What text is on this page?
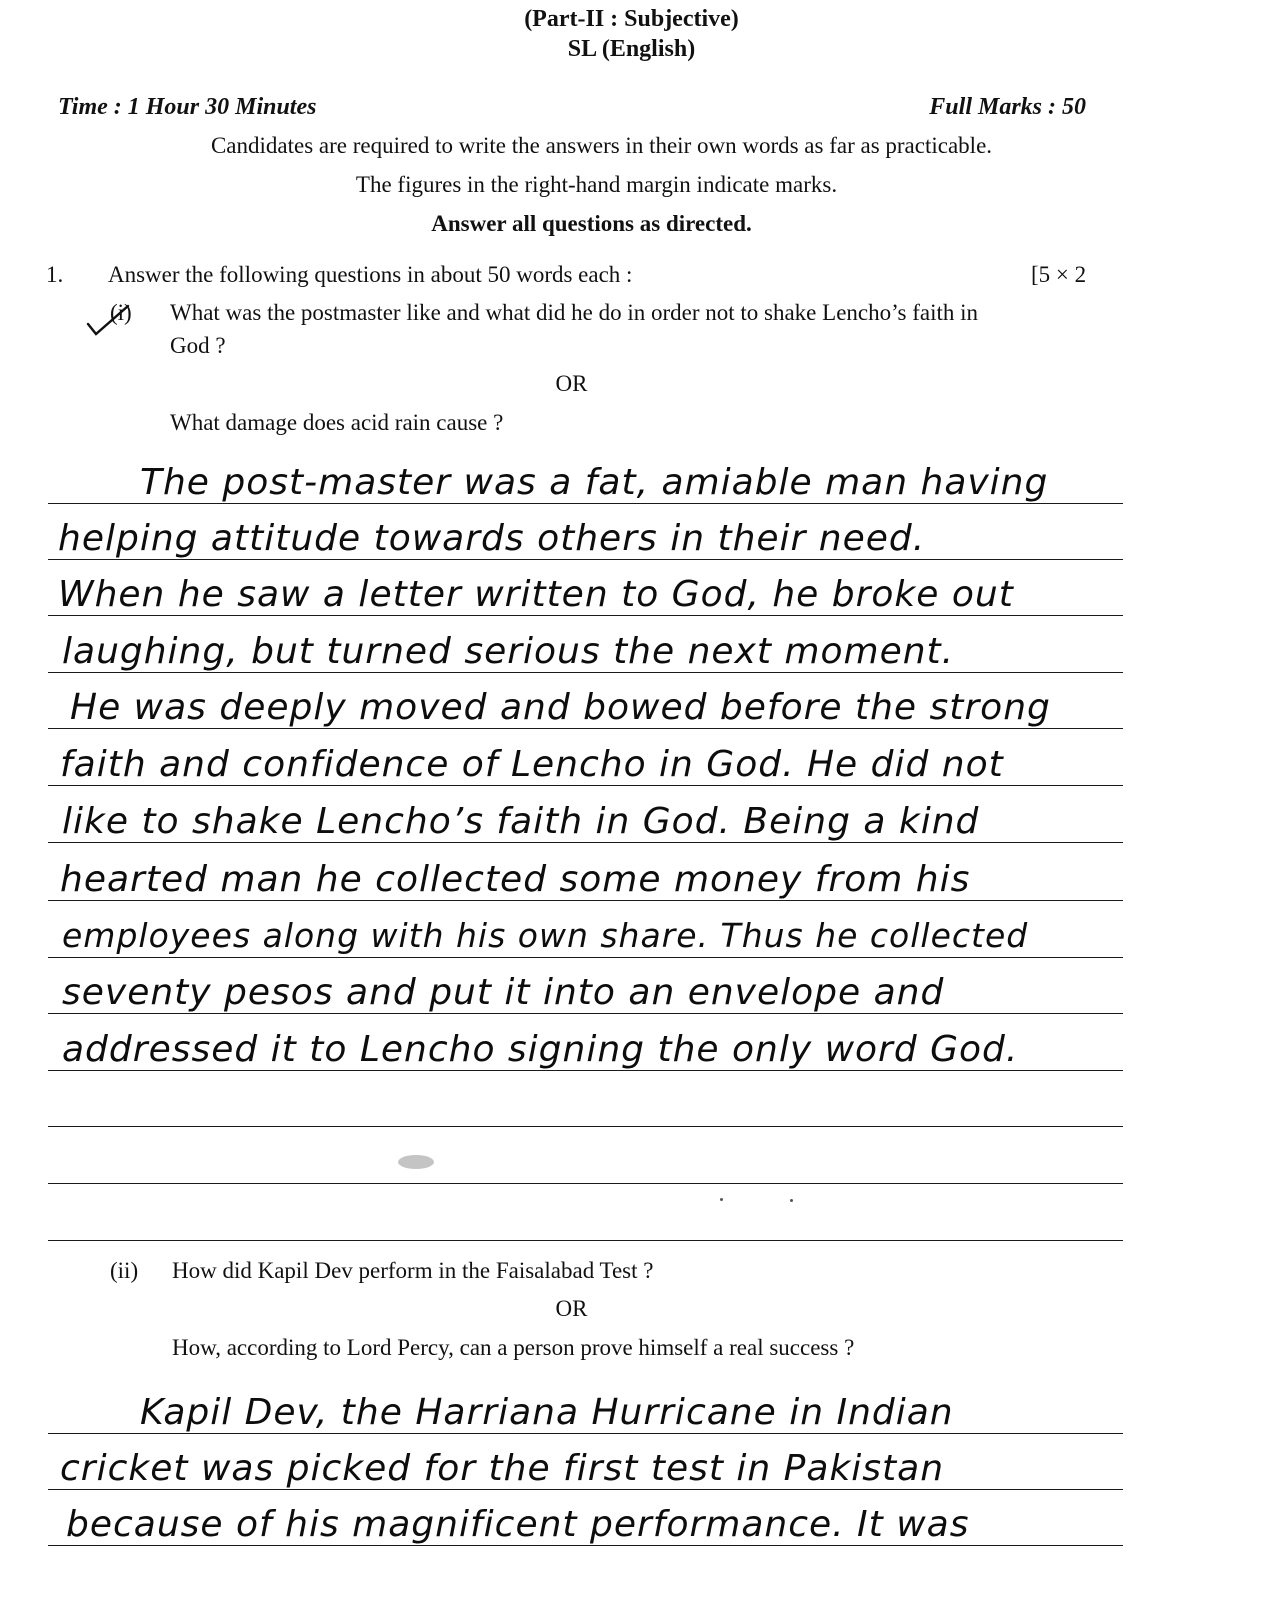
(Part-II : Subjective)
SL (English)
Time : 1 Hour 30 Minutes	Full Marks : 50
Candidates are required to write the answers in their own words as far as practicable.
The figures in the right-hand margin indicate marks.
Answer all questions as directed.
1. Answer the following questions in about 50 words each :	[5 × 2
(i) What was the postmaster like and what did he do in order not to shake Lencho’s faith in
God ?
OR
What damage does acid rain cause ?
The post-master was a fat, amiable man having
helping attitude towards others in their need.
When he saw a letter written to God, he broke out
laughing, but turned serious the next moment.
He was deeply moved and bowed before the strong
faith and confidence of Lencho in God. He did not
like to shake Lencho’s faith in God. Being a kind
hearted man he collected some money from his
employees along with his own share. Thus he collected
seventy pesos and put it into an envelope and
addressed it to Lencho signing the only word God.
(ii) How did Kapil Dev perform in the Faisalabad Test ?
OR
How, according to Lord Percy, can a person prove himself a real success ?
Kapil Dev, the Harriana Hurricane in Indian
cricket was picked for the first test in Pakistan
because of his magnificent performance. It was
